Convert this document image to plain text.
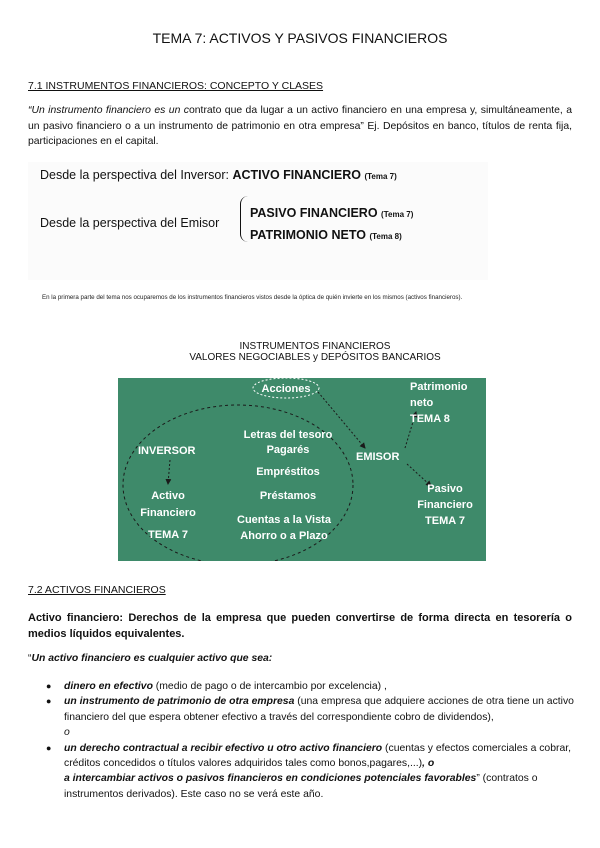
TEMA 7: ACTIVOS Y PASIVOS FINANCIEROS
7.1 INSTRUMENTOS FINANCIEROS: CONCEPTO Y CLASES
“Un instrumento financiero es un contrato que da lugar a un activo financiero en una empresa y, simultáneamente, a un pasivo financiero o a un instrumento de patrimonio en otra empresa” Ej. Depósitos en banco, títulos de renta fija, participaciones en el capital.
Desde la perspectiva del Inversor: ACTIVO FINANCIERO (Tema 7)
Desde la perspectiva del Emisor
PASIVO FINANCIERO (Tema 7)
PATRIMONIO NETO (Tema 8)
En la primera parte del tema nos ocuparemos de los instrumentos financieros vistos desde la óptica de quién invierte en los mismos (activos financieros).
INSTRUMENTOS FINANCIEROS
VALORES NEGOCIABLES y DEPÓSITOS BANCARIOS
Acciones
INVERSOR
Activo
Financiero
TEMA 7
Letras del tesoro
Pagarés
Empréstitos
Préstamos
Cuentas a la Vista
Ahorro o a Plazo
EMISOR
Patrimonio
neto
TEMA 8
Pasivo
Financiero
TEMA 7
7.2 ACTIVOS FINANCIEROS
Activo financiero: Derechos de la empresa que pueden convertirse de forma directa en tesorería o medios líquidos equivalentes.
“Un activo financiero es cualquier activo que sea:
● dinero en efectivo (medio de pago o de intercambio por excelencia) ,
● un instrumento de patrimonio de otra empresa (una empresa que adquiere acciones de otra tiene un activo financiero del que espera obtener efectivo a través del correspondiente cobro de dividendos),
o
● un derecho contractual a recibir efectivo u otro activo financiero (cuentas y efectos comerciales a cobrar, créditos concedidos o títulos valores adquiridos tales como bonos,pagares,...), o
a intercambiar activos o pasivos financieros en condiciones potenciales favorables” (contratos o instrumentos derivados). Este caso no se verá este año.
